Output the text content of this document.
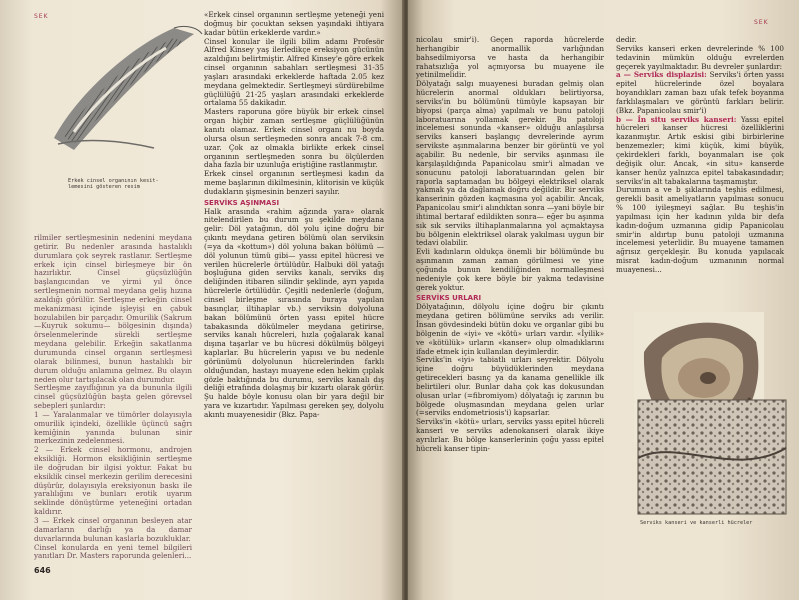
SEK
Erkek cinsel organının kesit-
lemesini gösteren resim

rilmiler sertleşmesinin nedenini meydana getirir. Bu nedenler arasında hastalıklı durumlara çok seyrek rastlanır. Sertleşme erkek için cinsel birleşmeye bir ön hazırlıktır. Cinsel güçsüzlüğün başlangıcından ve yirmi yıl önce sertleşmenin normal meydana geliş hızına azaldığı görülür. Sertleşme erkeğin cinsel mekanizması içinde işleyişi en çabuk bozulabilen bir parçadır. Omurilik (Sakrum —Kuyruk sokumu— bölgesinin dışında) örselenmelerinde sürekli sertleşme meydana gelebilir. Erkeğin sakatlanma durumunda cinsel organın sertleşmesi olarak bilinmesi, bunun hastalıklı bir durum olduğu anlamına gelmez. Bu olayın neden olur tartışılacak olan durumdur.

Sertleşme zayıflığının ya da bununla ilgili cinsel güçsüzlüğün başta gelen görevsel sebepleri şunlardır:

1 — Yaralanmalar ve tümörler dolayısıyla omurilik içindeki, özellikle üçüncü sağrı kemiğinin yanında bulunan sinir merkezinin zedelenmesi.

2 — Erkek cinsel hormonu, androjen eksikliği. Hormon eksikliğinin sertleşme ile doğrudan bir ilgisi yoktur. Fakat bu eksiklik cinsel merkezin gerilim derecesini düşürür, dolayısıyla ereksiyonun baskı ile yaralılığını ve bunları erotik uyarım seklinde dönüştürme yeteneğini ortadan kaldırır.

3 — Erkek cinsel organının besleyen atar damarların darlığı ya da damar duvarlarında bulunan kaslarla bozukluklar.

Cinsel konularda en yeni temel bilgileri yanıtları Dr. Masters raporunda gelenleri...

«Erkek cinsel organının sertleşme yeteneği yeni doğmuş bir çocuktan seksen yaşındaki ihtiyara kadar bütün erkeklerde vardır.»

Cinsel konular ile ilgili bilim adamı Profesör Alfred Kinsey yaş ilerledikçe ereksiyon gücünün azaldığını belirtmiştir. Alfred Kinsey'e göre erkek cinsel organının sabahları sertleşmesi 31-35 yaşları arasındaki erkeklerde haftada 2.05 kez meydana gelmektedir. Sertleşmeyi sürdürebilme güçlülüğü 21-25 yaşları arasındaki erkeklerde ortalama 55 dakikadır.

Masters raporuna göre büyük bir erkek cinsel organ hiçbir zaman sertleşme güçlülüğünün kanıtı olamaz. Erkek cinsel organı nu boyda olursa olsun sertleşmeden sonra ancak 7-8 cm. uzar. Çok az olmakla birlikte erkek cinsel organının sertleşmeden sonra bu ölçülerden daha fazla bir uzunluğa eriştiğine rastlanmıştır.

Erkek cinsel organının sertleşmesi kadın da meme başlarının dikilmesinin, klitorisin ve küçük dudakların şişmesinin benzeri sayılır.

SERVİKS AŞINMASI

Halk arasında «rahim ağzında yara» olarak nitelendirilen bu durum şu şekilde meydana gelir: Döl yatağının, döl yolu içine doğru bir çıkıntı meydana getiren bölümü olan serviksin (=ya da «kottum») döl yoluna bakan bölümü —döl yolunun tümü gibi— yassı epitel hücresi ve verilen hücrelerle örtülüdür. Halbuki döl yatağı boşluğuna giden serviks kanalı, serviks dış deliğinden itibaren silindir şeklinde, ayrı yapıda hücrelerle örtülüdür. Çeşitli nedenlerle (doğum, cinsel birleşme sırasında buraya yapılan basınçlar, iltihaplar vb.) serviksin dolyoluna bakan bölümünü örten yassı epitel hücre tabakasında dökülmeler meydana getirirse, serviks kanalı hücreleri, hızla çoğalarak kanal dışına taşarlar ve bu hücresi dökülmüş bölgeyi kaplarlar. Bu hücrelerin yapısı ve bu nedenle görünümü dolyolunun hücrelerinden farklı olduğundan, hastayı muayene eden hekim çıplak gözle baktığında bu durumu, serviks kanalı dış deliği etrafında dolaşmış bir kızartı olarak görür. Şu halde böyle konusu olan bir yara değil bir yara ve kızartıdır. Yapılması gereken şey, dolyolu akıntı muayenesidir (Bkz. Papa-

646
SEK

nicolau smir'i). Geçen raporda hücrelerde herhangibir anormallik varlığından bahsedilmiyorsa ve hasta da herhangibir rahatsızlığa yol açmıyorsa bu muayene ile yetinilmelidir.

Dölyatağı salgı muayenesi buradan gelmiş olan hücrelerin anormal oldukları belirtiyorsa, serviks'in bu bölümünü tümüyle kapsayan bir biyopsi (parça alma) yapılmalı ve bunu patoloji laboratuarına yollamak gerekir. Bu patoloji incelemesi sonunda «kanser» olduğu anlaşılırsa serviks kanseri başlangıç devrelerinde ayrım servikste aşınmalarına benzer bir görüntü ve yol açabilir. Bu nedenle, bir serviks aşınması ile karşılaşıldığında Papanicolau smir'i almadan ve sonucunu patoloji laboratuarından gelen bir raporla saptamadan bu bölgeyi elektriksel olarak yakmak ya da dağlamak doğru değildir. Bir serviks kanserinin gözden kaçmasına yol açabilir. Ancak, Papanicolau smir'i alındıktan sonra —yani böyle bir ihtimal bertaraf edildikten sonra— eğer bu aşınma sık sık serviks iltihaplanmalarına yol açmaktaysa bu bölgenin elektriksel olarak yakılması uygun bir tedavi olabilir.

Evli kadınların oldukça önemli bir bölümünde bu aşınmanın zaman zaman görülmesi ve yine çoğunda bunun kendiliğinden normalleşmesi nedeniyle çok kere böyle bir yakma tedavisine gerek yoktur.

SERVİKS URLARI

Dölyatağının, dölyolu içine doğru bir çıkıntı meydana getiren bölümüne serviks adı verilir. İnsan gövdesindeki bütün doku ve organlar gibi bu bölgenin de «iyi» ve «kötü» urları vardır. «İyilik» ve «kötülük» urların «kanser» olup olmadıklarını ifade etmek için kullanılan deyimlerdir.

Serviks'in «iyi» tabiatlı urları seyrektir. Dölyolu içine doğru büyüdüklerinden meydana getirecekleri basınç ya da kanama genellikle ilk belirtileri olur. Bunlar daha çok kas dokusundan olusan urlar (=fibromiyom) dölyatağı iç zarının bu bölgede oluşmasından meydana gelen urlar (=serviks endometriosis'i) kapsarlar.

Serviks'in «kötü» urları, serviks yassı epitel hücreli kanseri ve serviks adenokanseri olarak ikiye ayrılırlar. Bu bölge kanserlerinin çoğu yassı epitel hücreli kanser tipin-

dedir.

Serviks kanseri erken devrelerinde % 100 tedavinin mümkün olduğu evrelerden geçerek yayılmaktadır. Bu devreler şunlardır:

a — Serviks displazisi: Serviks'i örten yassı epitel hücrelerinde özel boyalara boyandıkları zaman bazı ufak tefek boyanma farklılaşmaları ve görüntü farkları belirir. (Bkz. Papanicolau smir'i)

b — İn situ serviks kanseri: Yassı epitel hücreleri kanser hücresi özelliklerini kazanmıştır. Artık eskisi gibi birbirlerine benzemezler; kimi küçük, kimi büyük, çekirdekleri farklı, boyanmaları ise çok değişik olur. Ancak, «in situ» kanserde kanser henüz yalnızca epitel tabakasındadır; serviks'in alt tabakalarına taşmamıştır.

Durumun a ve b şıklarında teşhis edilmesi, gerekli basit ameliyatların yapılması sonucu % 100 iyileşmeyi sağlar. Bu teşhis'in yapılması için her kadının yılda bir defa kadın-doğum uzmanına gidip Papanicolau smir'in aldırtıp bunu patoloji uzmanına incelemesi yeterlidir. Bu muayene tamamen ağrısız gerçekleşir. Bu konuda yapılacak misrat kadın-doğum uzmanının normal muayenesi...

Serviks kanseri ve kanserli hücreler
